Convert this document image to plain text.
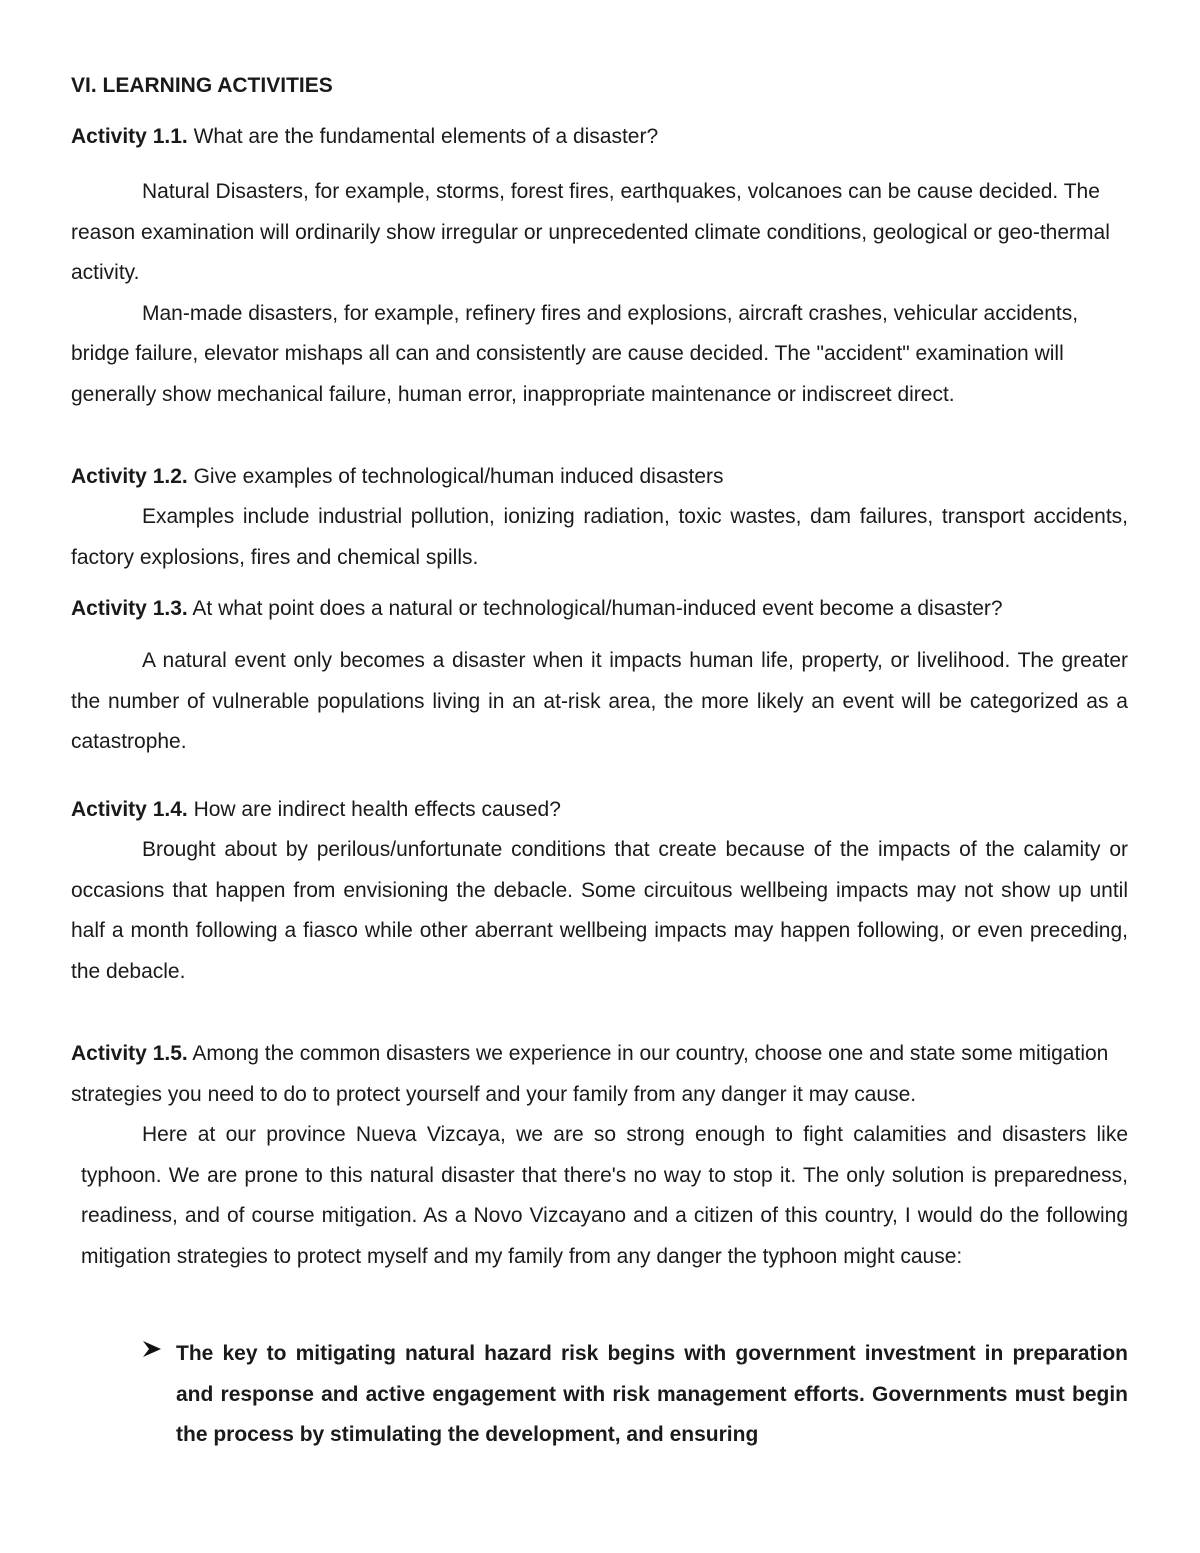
VI. LEARNING ACTIVITIES
Activity 1.1. What are the fundamental elements of a disaster?

Natural Disasters, for example, storms, forest fires, earthquakes, volcanoes can be cause decided. The reason examination will ordinarily show irregular or unprecedented climate conditions, geological or geo-thermal activity.

Man-made disasters, for example, refinery fires and explosions, aircraft crashes, vehicular accidents, bridge failure, elevator mishaps all can and consistently are cause decided. The "accident" examination will generally show mechanical failure, human error, inappropriate maintenance or indiscreet direct.

Activity 1.2. Give examples of technological/human induced disasters

Examples include industrial pollution, ionizing radiation, toxic wastes, dam failures, transport accidents, factory explosions, fires and chemical spills.

Activity 1.3. At what point does a natural or technological/human-induced event become a disaster?

A natural event only becomes a disaster when it impacts human life, property, or livelihood. The greater the number of vulnerable populations living in an at-risk area, the more likely an event will be categorized as a catastrophe.

Activity 1.4. How are indirect health effects caused?

Brought about by perilous/unfortunate conditions that create because of the impacts of the calamity or occasions that happen from envisioning the debacle. Some circuitous wellbeing impacts may not show up until half a month following a fiasco while other aberrant wellbeing impacts may happen following, or even preceding, the debacle.

Activity 1.5. Among the common disasters we experience in our country, choose one and state some mitigation strategies you need to do to protect yourself and your family from any danger it may cause.

Here at our province Nueva Vizcaya, we are so strong enough to fight calamities and disasters like typhoon. We are prone to this natural disaster that there's no way to stop it. The only solution is preparedness, readiness, and of course mitigation. As a Novo Vizcayano and a citizen of this country, I would do the following mitigation strategies to protect myself and my family from any danger the typhoon might cause:

The key to mitigating natural hazard risk begins with government investment in preparation and response and active engagement with risk management efforts. Governments must begin the process by stimulating the development, and ensuring
